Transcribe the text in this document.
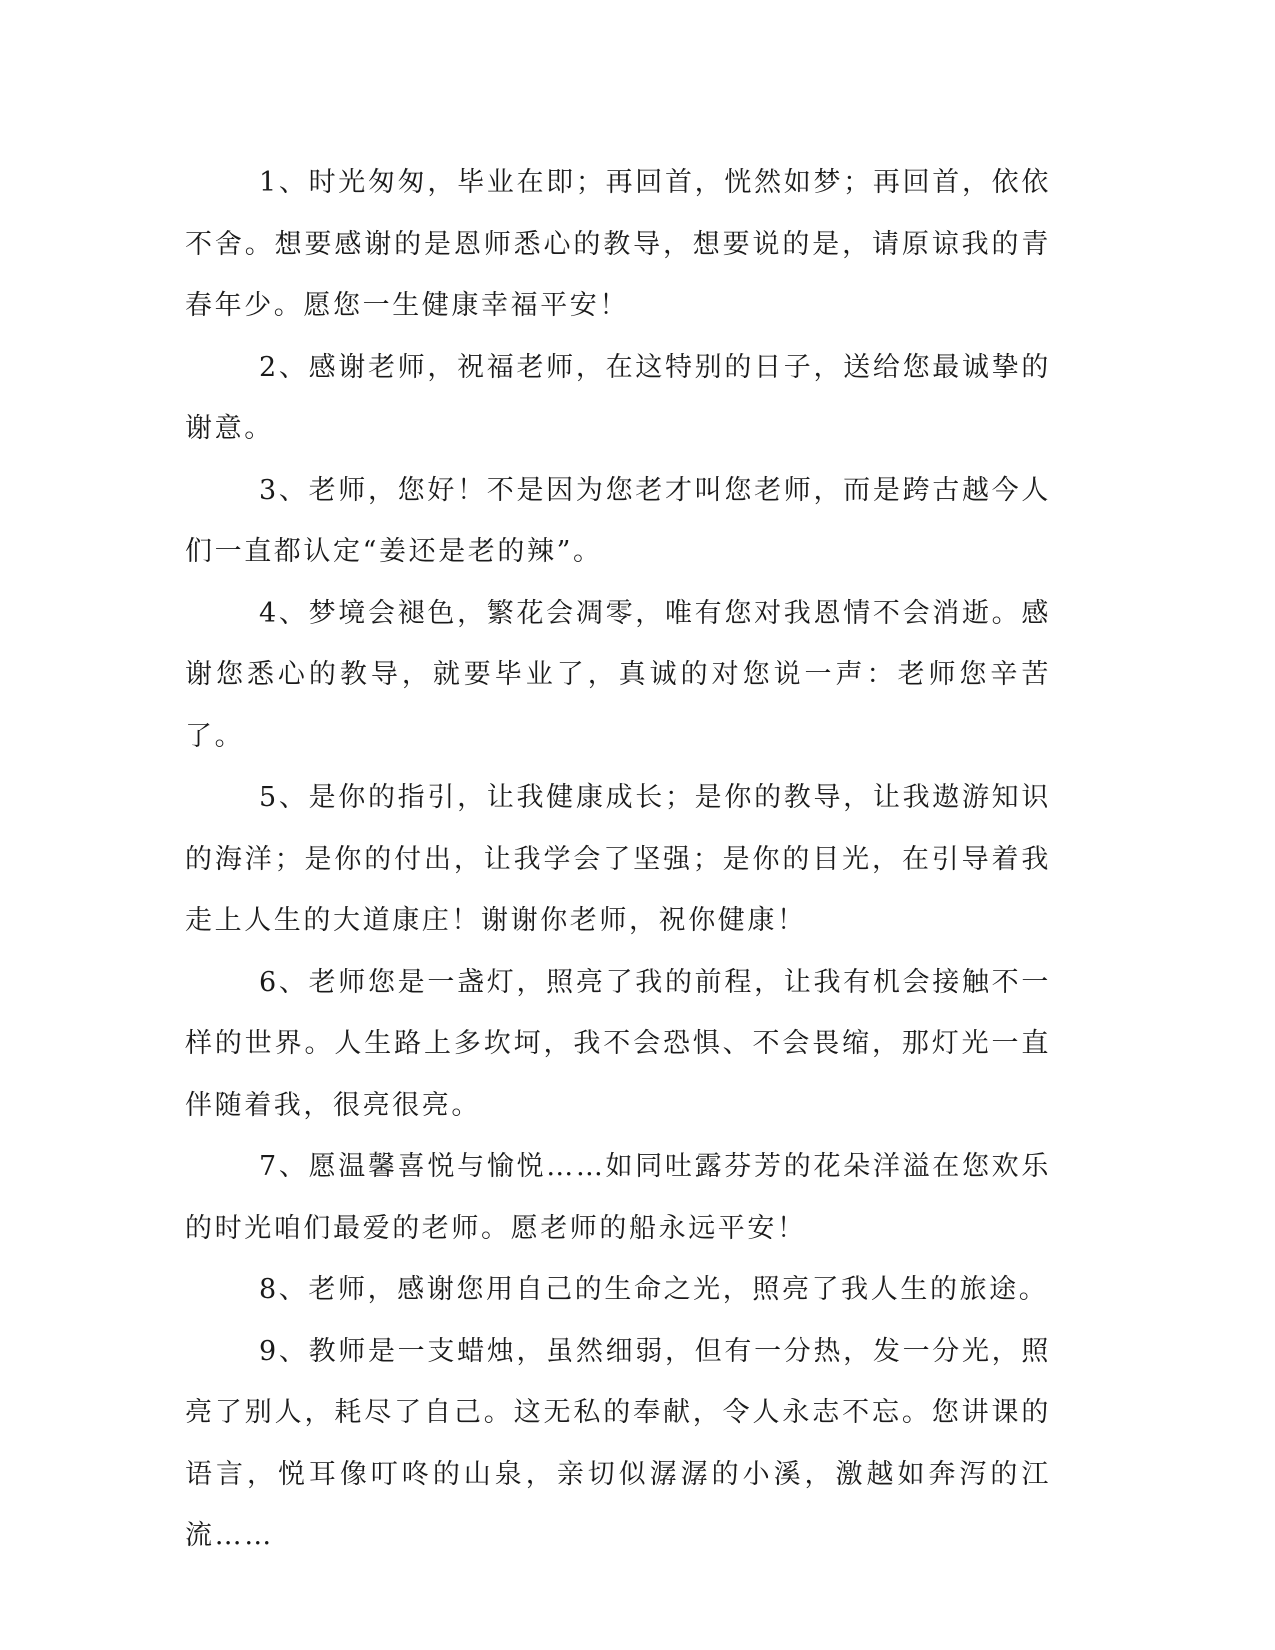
1、时光匆匆，毕业在即；再回首，恍然如梦；再回首，依依不舍。想要感谢的是恩师悉心的教导，想要说的是，请原谅我的青春年少。愿您一生健康幸福平安！

2、感谢老师，祝福老师，在这特别的日子，送给您最诚挚的谢意。

3、老师，您好！不是因为您老才叫您老师，而是跨古越今人们一直都认定“姜还是老的辣”。

4、梦境会褪色，繁花会凋零，唯有您对我恩情不会消逝。感谢您悉心的教导，就要毕业了，真诚的对您说一声：老师您辛苦了。

5、是你的指引，让我健康成长；是你的教导，让我遨游知识的海洋；是你的付出，让我学会了坚强；是你的目光，在引导着我走上人生的大道康庄！谢谢你老师，祝你健康！

6、老师您是一盏灯，照亮了我的前程，让我有机会接触不一样的世界。人生路上多坎坷，我不会恐惧、不会畏缩，那灯光一直伴随着我，很亮很亮。

7、愿温馨喜悦与愉悦……如同吐露芬芳的花朵洋溢在您欢乐的时光咱们最爱的老师。愿老师的船永远平安！

8、老师，感谢您用自己的生命之光，照亮了我人生的旅途。

9、教师是一支蜡烛，虽然细弱，但有一分热，发一分光，照亮了别人，耗尽了自己。这无私的奉献，令人永志不忘。您讲课的语言，悦耳像叮咚的山泉，亲切似潺潺的小溪，激越如奔泻的江流……
